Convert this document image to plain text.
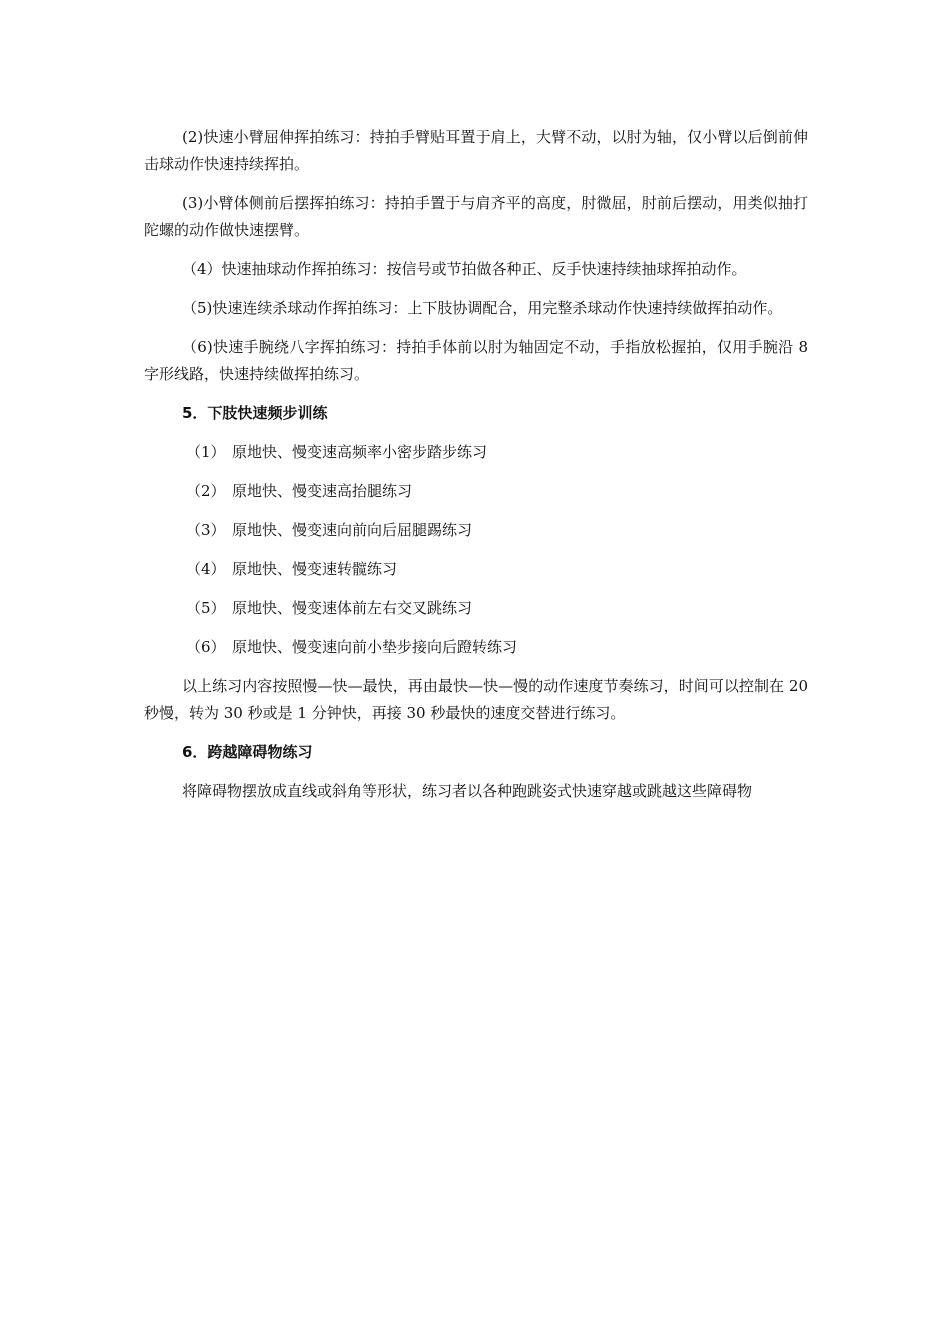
(2)快速小臂屈伸挥拍练习：持拍手臂贴耳置于肩上，大臂不动，以肘为轴，仅小臂以后倒前伸击球动作快速持续挥拍。

(3)小臂体侧前后摆挥拍练习：持拍手置于与肩齐平的高度，肘微屈，肘前后摆动，用类似抽打陀螺的动作做快速摆臂。

（4）快速抽球动作挥拍练习：按信号或节拍做各种正、反手快速持续抽球挥拍动作。

（5)快速连续杀球动作挥拍练习：上下肢协调配合，用完整杀球动作快速持续做挥拍动作。

（6)快速手腕绕八字挥拍练习：持拍手体前以肘为轴固定不动，手指放松握拍，仅用手腕沿 8 字形线路，快速持续做挥拍练习。

5．下肢快速频步训练
（1） 原地快、慢变速高频率小密步踏步练习
（2） 原地快、慢变速高抬腿练习
（3） 原地快、慢变速向前向后屈腿踢练习
（4） 原地快、慢变速转髋练习
（5） 原地快、慢变速体前左右交叉跳练习
（6） 原地快、慢变速向前小垫步接向后蹬转练习

以上练习内容按照慢—快—最快，再由最快—快—慢的动作速度节奏练习，时间可以控制在 20 秒慢，转为 30 秒或是 1 分钟快，再接 30 秒最快的速度交替进行练习。

6．跨越障碍物练习

将障碍物摆放成直线或斜角等形状，练习者以各种跑跳姿式快速穿越或跳越这些障碍物
